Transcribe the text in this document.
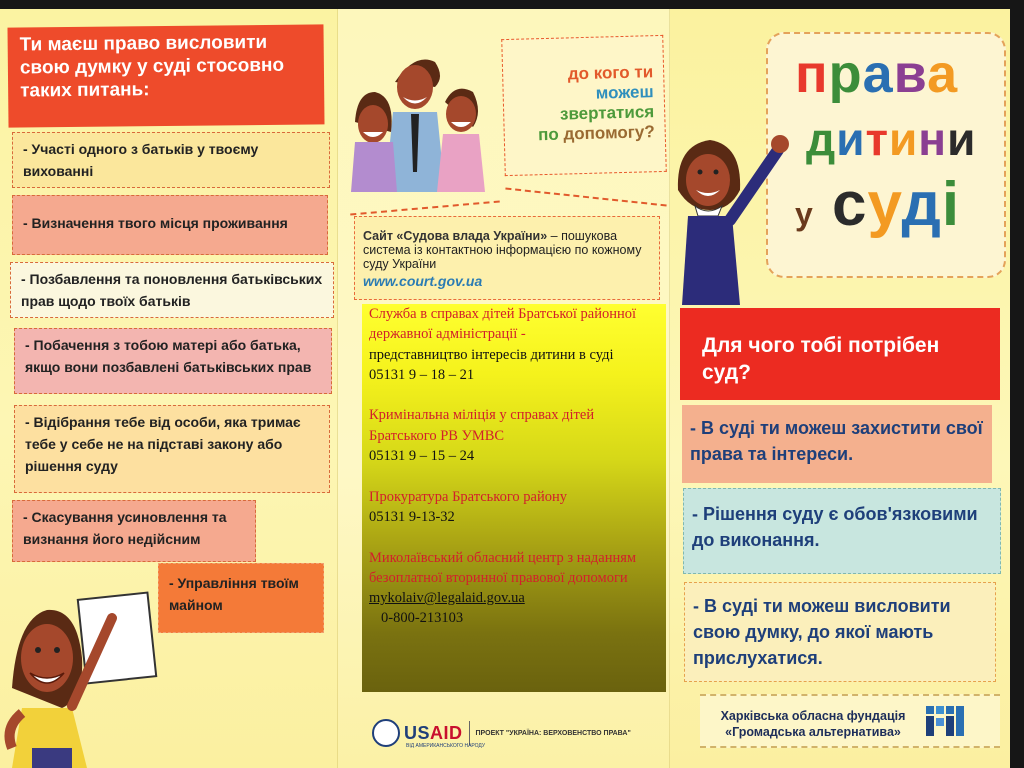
Ти маєш право висловити свою думку у суді стосовно таких питань:
- Участі одного з батьків у твоєму вихованні
- Визначення твого місця проживання
- Позбавлення та поновлення батьківських прав щодо твоїх батьків
- Побачення з тобою матері або батька, якщо вони позбавлені батьківських прав
- Відібрання тебе від особи, яка тримає тебе у себе не на підставі закону або рішення суду
- Скасування усиновлення та визнання його недійсним
- Управління твоїм майном
до кого ти
можеш
звертатися
по допомогу?
Сайт «Судова влада України» – пошукова система із контактною інформацією по кожному суду України
www.court.gov.ua
Служба в справах дітей Братської районної державної адміністрації -
представництво інтересів дитини в суді
05131 9 – 18 – 21
Кримінальна міліція у справах дітей Братського РВ УМВС
05131 9 – 15 – 24
Прокуратура Братського району
05131 9-13-32
Миколаївський обласний центр з наданням безоплатної вторинної правової допомоги
mykolaiv@legalaid.gov.ua
0-800-213103
USAID
ВІД АМЕРИКАНСЬКОГО НАРОДУ
ПРОЕКТ "УКРАЇНА: ВЕРХОВЕНСТВО ПРАВА"
права
дитини
у суді
Для чого тобі потрібен суд?
- В суді ти можеш захистити свої права та інтереси.
- Рішення суду є обов'язковими до виконання.
- В суді ти можеш висловити свою думку, до якої мають прислухатися.
Харківська обласна фундація «Громадська альтернатива»
